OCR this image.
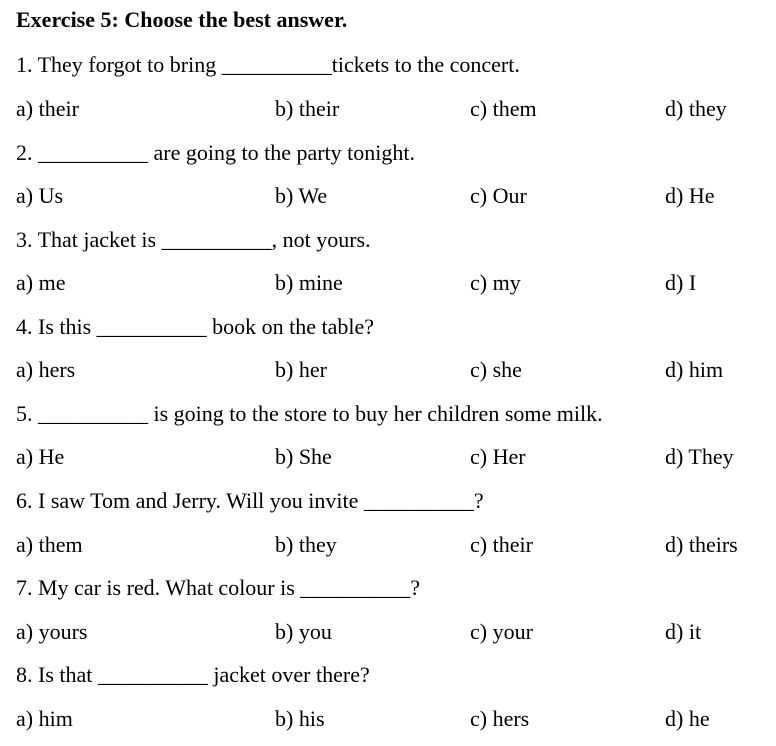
Exercise 5: Choose the best answer.
1. They forgot to bring __________tickets to the concert.
a) their	b) their	c) them	d) they
2. __________ are going to the party tonight.
a) Us	b) We	c) Our	d) He
3. That jacket is __________, not yours.
a) me	b) mine	c) my	d) I
4. Is this __________ book on the table?
a) hers	b) her	c) she	d) him
5. __________ is going to the store to buy her children some milk.
a) He	b) She	c) Her	d) They
6. I saw Tom and Jerry. Will you invite __________?
a) them	b) they	c) their	d) theirs
7. My car is red. What colour is __________?
a) yours	b) you	c) your	d) it
8. Is that __________ jacket over there?
a) him	b) his	c) hers	d) he
